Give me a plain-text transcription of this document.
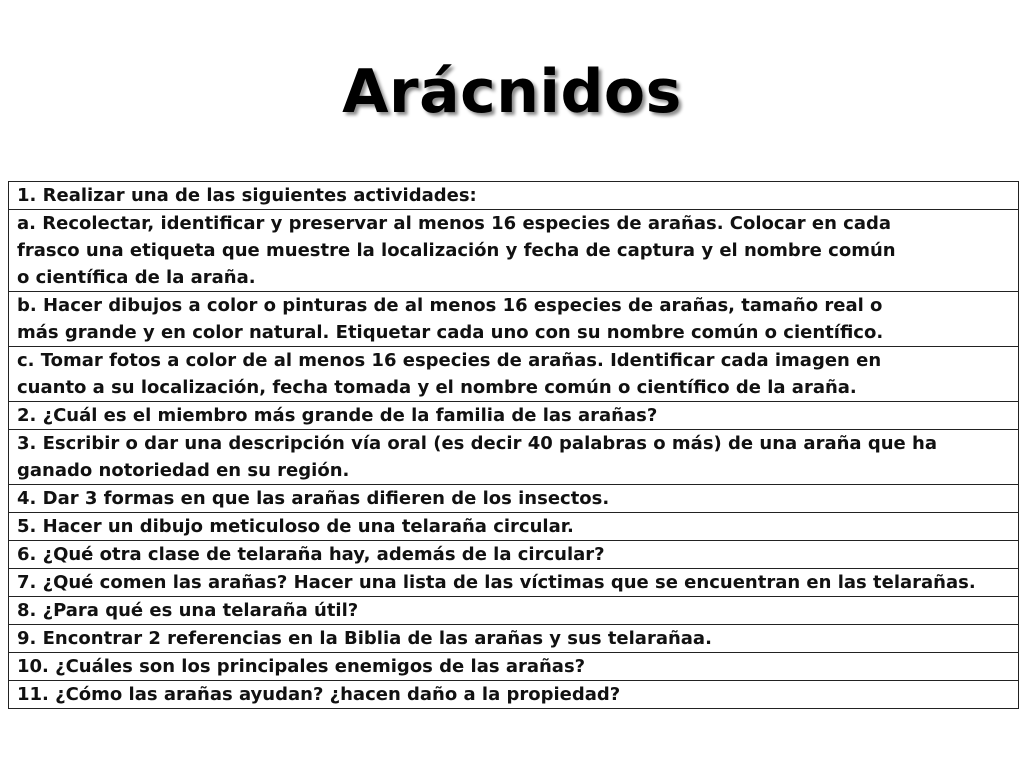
Arácnidos
1. Realizar una de las siguientes actividades:

a. Recolectar, identificar y preservar al menos 16 especies de arañas. Colocar en cada
frasco una etiqueta que muestre la localización y fecha de captura y el nombre común
o científica de la araña.

b. Hacer dibujos a color o pinturas de al menos 16 especies de arañas, tamaño real o
más grande y en color natural. Etiquetar cada uno con su nombre común o científico.

c. Tomar fotos a color de al menos 16 especies de arañas. Identificar cada imagen en
cuanto a su localización, fecha tomada y el nombre común o científico de la araña.

2. ¿Cuál es el miembro más grande de la familia de las arañas?

3. Escribir o dar una descripción vía oral (es decir 40 palabras o más) de una araña que ha
ganado notoriedad en su región.

4. Dar 3 formas en que las arañas difieren de los insectos.

5. Hacer un dibujo meticuloso de una telaraña circular.

6. ¿Qué otra clase de telaraña hay, además de la circular?

7. ¿Qué comen las arañas? Hacer una lista de las víctimas que se encuentran en las telarañas.

8. ¿Para qué es una telaraña útil?

9. Encontrar 2 referencias en la Biblia de las arañas y sus telarañaa.

10. ¿Cuáles son los principales enemigos de las arañas?

11. ¿Cómo las arañas ayudan? ¿hacen daño a la propiedad?
